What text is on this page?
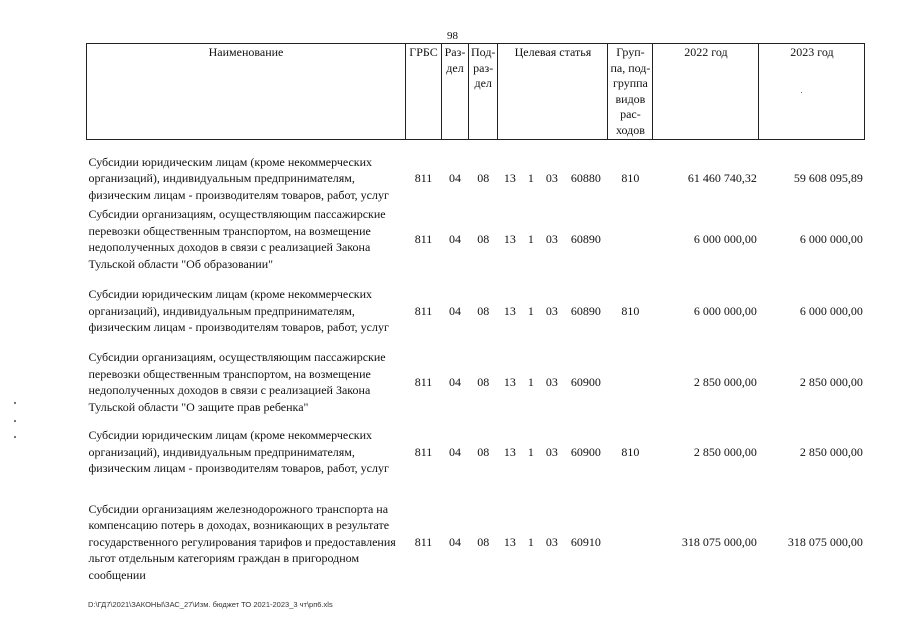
98
Наименование	ГРБС	Раз-дел	Под-раз-дел	Целевая статья				Груп-па, под-группа видов рас-ходов	2022 год	2023 год

Субсидии юридическим лицам (кроме некоммерческих организаций), индивидуальным предпринимателям, физическим лицам - производителям товаров, работ, услуг	811	04	08	13	1	03	60880	810	61 460 740,32	59 608 095,89
Субсидии организациям, осуществляющим пассажирские перевозки общественным транспортом, на возмещение недополученных доходов в связи с реализацией Закона Тульской области "Об образовании"	811	04	08	13	1	03	60890		6 000 000,00	6 000 000,00
Субсидии юридическим лицам (кроме некоммерческих организаций), индивидуальным предпринимателям, физическим лицам - производителям товаров, работ, услуг	811	04	08	13	1	03	60890	810	6 000 000,00	6 000 000,00
Субсидии организациям, осуществляющим пассажирские перевозки общественным транспортом, на возмещение недополученных доходов в связи с реализацией Закона Тульской области "О защите прав ребенка"	811	04	08	13	1	03	60900		2 850 000,00	2 850 000,00
Субсидии юридическим лицам (кроме некоммерческих организаций), индивидуальным предпринимателям, физическим лицам - производителям товаров, работ, услуг	811	04	08	13	1	03	60900	810	2 850 000,00	2 850 000,00
Субсидии организациям железнодорожного транспорта на компенсацию потерь в доходах, возникающих в результате государственного регулирования тарифов и предоставления льгот отдельным категориям граждан в пригородном сообщении	811	04	08	13	1	03	60910		318 075 000,00	318 075 000,00
D:\ГД7\2021\ЗАКОНЫ\ЗАС_27\Изм. бюджет ТО 2021-2023_3 чт\рп6.xls
